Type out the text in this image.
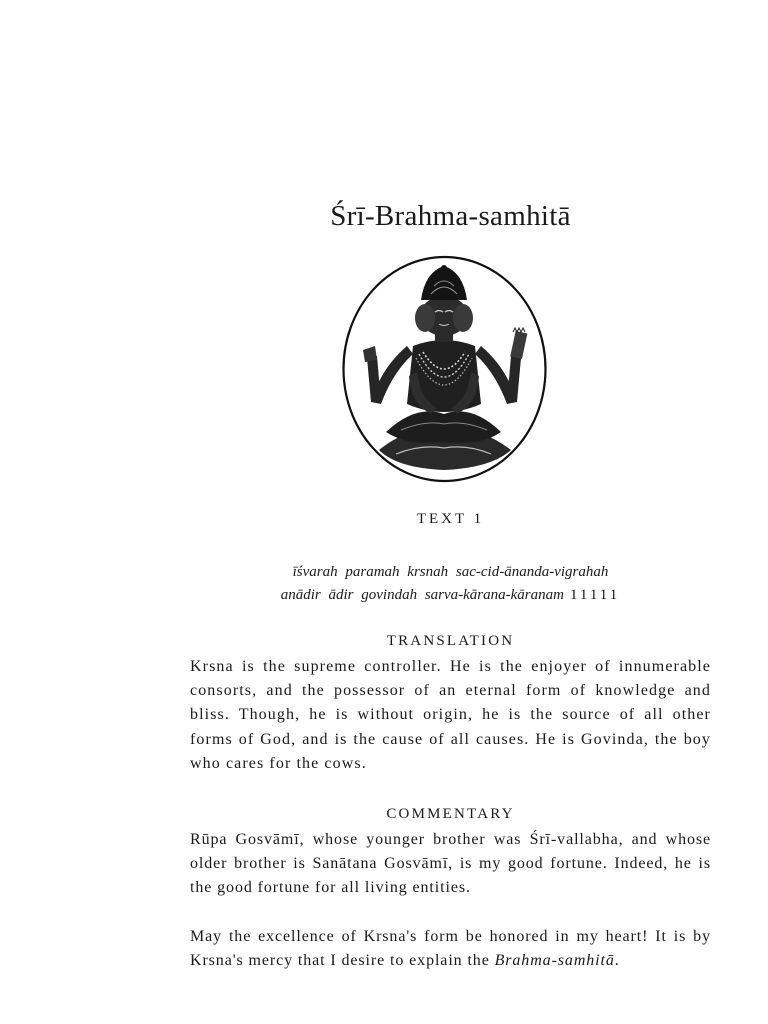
Śrī-Brahma-samhitā

TEXT 1

īśvarah paramah krsnah sac-cid-ānanda-vigrahah
anādir ādir govindah sarva-kārana-kāranam 11111
TRANSLATION

Krsna is the supreme controller. He is the enjoyer of innumerable consorts, and the possessor of an eternal form of knowledge and bliss. Though, he is without origin, he is the source of all other forms of God, and is the cause of all causes. He is Govinda, the boy who cares for the cows.

COMMENTARY

Rūpa Gosvāmī, whose younger brother was Śrī-vallabha, and whose older brother is Sanātana Gosvāmī, is my good fortune. Indeed, he is the good fortune for all living entities.

May the excellence of Krsna's form be honored in my heart! It is by Krsna's mercy that I desire to explain the Brahma-samhitā.
